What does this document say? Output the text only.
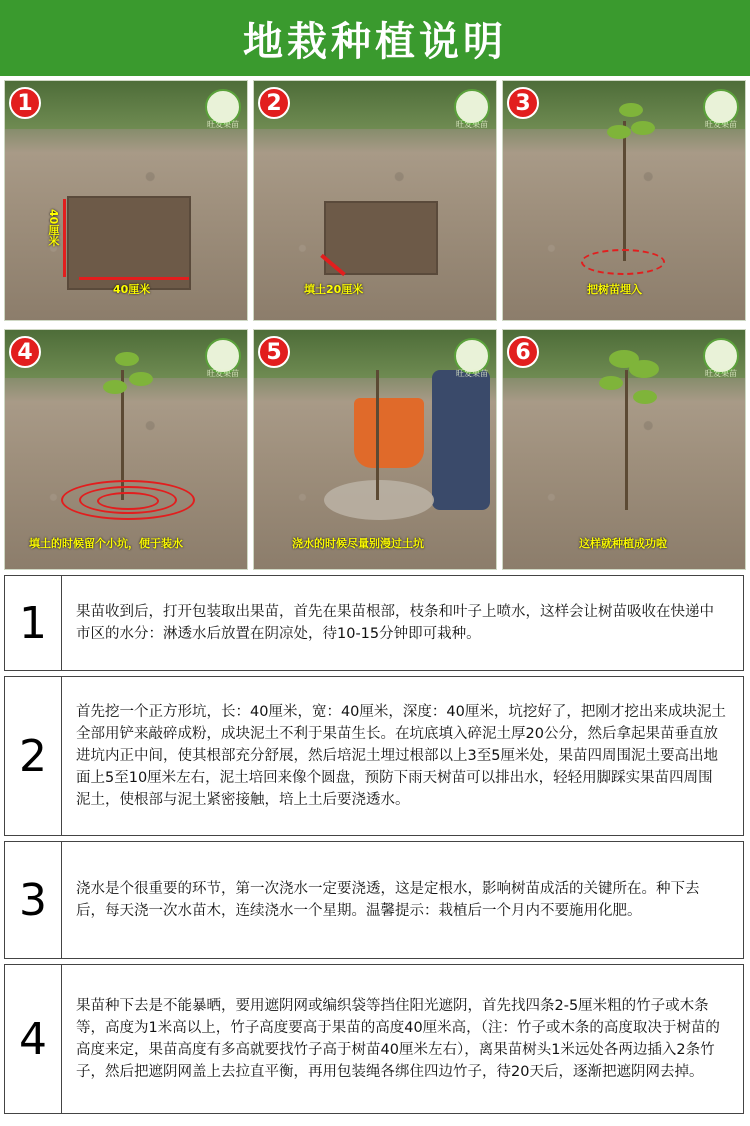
地栽种植说明
1
旺发果苗
40厘米
40厘米
2
旺发果苗
填土20厘米
3
旺发果苗
把树苗埋入
4
旺发果苗
填土的时候留个小坑，便于装水
5
旺发果苗
浇水的时候尽量别漫过土坑
6
旺发果苗
这样就种植成功啦
1	果苗收到后，打开包装取出果苗，首先在果苗根部，枝条和叶子上喷水，这样会让树苗吸收在快递中市区的水分：淋透水后放置在阴凉处，待10-15分钟即可栽种。
2
首先挖一个正方形坑，长：40厘米，宽：40厘米，深度：40厘米，坑挖好了，把刚才挖出来成块泥土全部用铲来敲碎成粉，成块泥土不利于果苗生长。在坑底填入碎泥土厚20公分，然后拿起果苗垂直放进坑内正中间，使其根部充分舒展，然后培泥土埋过根部以上3至5厘米处，果苗四周围泥土要高出地面上5至10厘米左右，泥土培回来像个圆盘，预防下雨天树苗可以排出水，轻轻用脚踩实果苗四周围泥土，使根部与泥土紧密接触，培上土后要浇透水。
3	浇水是个很重要的环节，第一次浇水一定要浇透，这是定根水，影响树苗成活的关键所在。种下去后，每天浇一次水苗木，连续浇水一个星期。温馨提示：栽植后一个月内不要施用化肥。
4
果苗种下去是不能暴晒，要用遮阴网或编织袋等挡住阳光遮阴，首先找四条2-5厘米粗的竹子或木条等，高度为1米高以上，竹子高度要高于果苗的高度40厘米高，（注：竹子或木条的高度取决于树苗的高度来定，果苗高度有多高就要找竹子高于树苗40厘米左右），离果苗树头1米远处各两边插入2条竹子，然后把遮阴网盖上去拉直平衡，再用包装绳各绑住四边竹子，待20天后，逐渐把遮阴网去掉。
